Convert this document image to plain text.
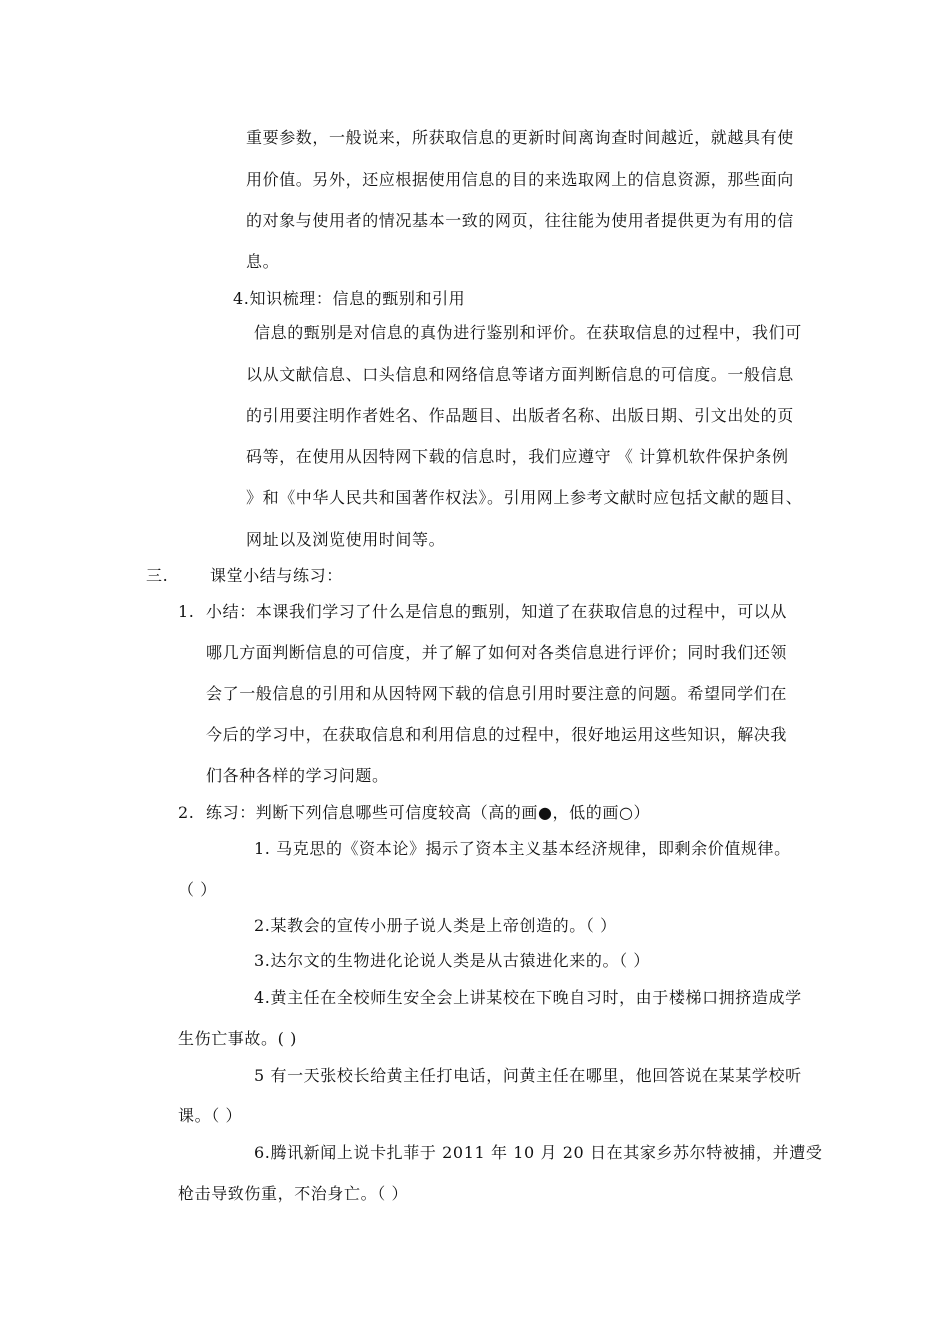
重要参数，一般说来，所获取信息的更新时间离询查时间越近，就越具有使
用价值。另外，还应根据使用信息的目的来选取网上的信息资源，那些面向
的对象与使用者的情况基本一致的网页，往往能为使用者提供更为有用的信
息。
4.知识梳理：信息的甄别和引用
信息的甄别是对信息的真伪进行鉴别和评价。在获取信息的过程中，我们可
以从文献信息、口头信息和网络信息等诸方面判断信息的可信度。一般信息
的引用要注明作者姓名、作品题目、出版者名称、出版日期、引文出处的页
码等，在使用从因特网下载的信息时，我们应遵守 《 计算机软件保护条例
》和《中华人民共和国著作权法》。引用网上参考文献时应包括文献的题目、
网址以及浏览使用时间等。
三.	课堂小结与练习：
1. 小结：本课我们学习了什么是信息的甄别，知道了在获取信息的过程中，可以从
哪几方面判断信息的可信度，并了解了如何对各类信息进行评价；同时我们还领
会了一般信息的引用和从因特网下载的信息引用时要注意的问题。希望同学们在
今后的学习中，在获取信息和利用信息的过程中，很好地运用这些知识，解决我
们各种各样的学习问题。
2. 练习：判断下列信息哪些可信度较高（高的画●，低的画○）
1. 马克思的《资本论》揭示了资本主义基本经济规律，即剩余价值规律。
（ ）
2.某教会的宣传小册子说人类是上帝创造的。（ ）
3.达尔文的生物进化论说人类是从古猿进化来的。（ ）
4.黄主任在全校师生安全会上讲某校在下晚自习时，由于楼梯口拥挤造成学
生伤亡事故。( )
5 有一天张校长给黄主任打电话，问黄主任在哪里，他回答说在某某学校听
课。（ ）
6.腾讯新闻上说卡扎菲于 2011 年 10 月 20 日在其家乡苏尔特被捕，并遭受
枪击导致伤重，不治身亡。（ ）
